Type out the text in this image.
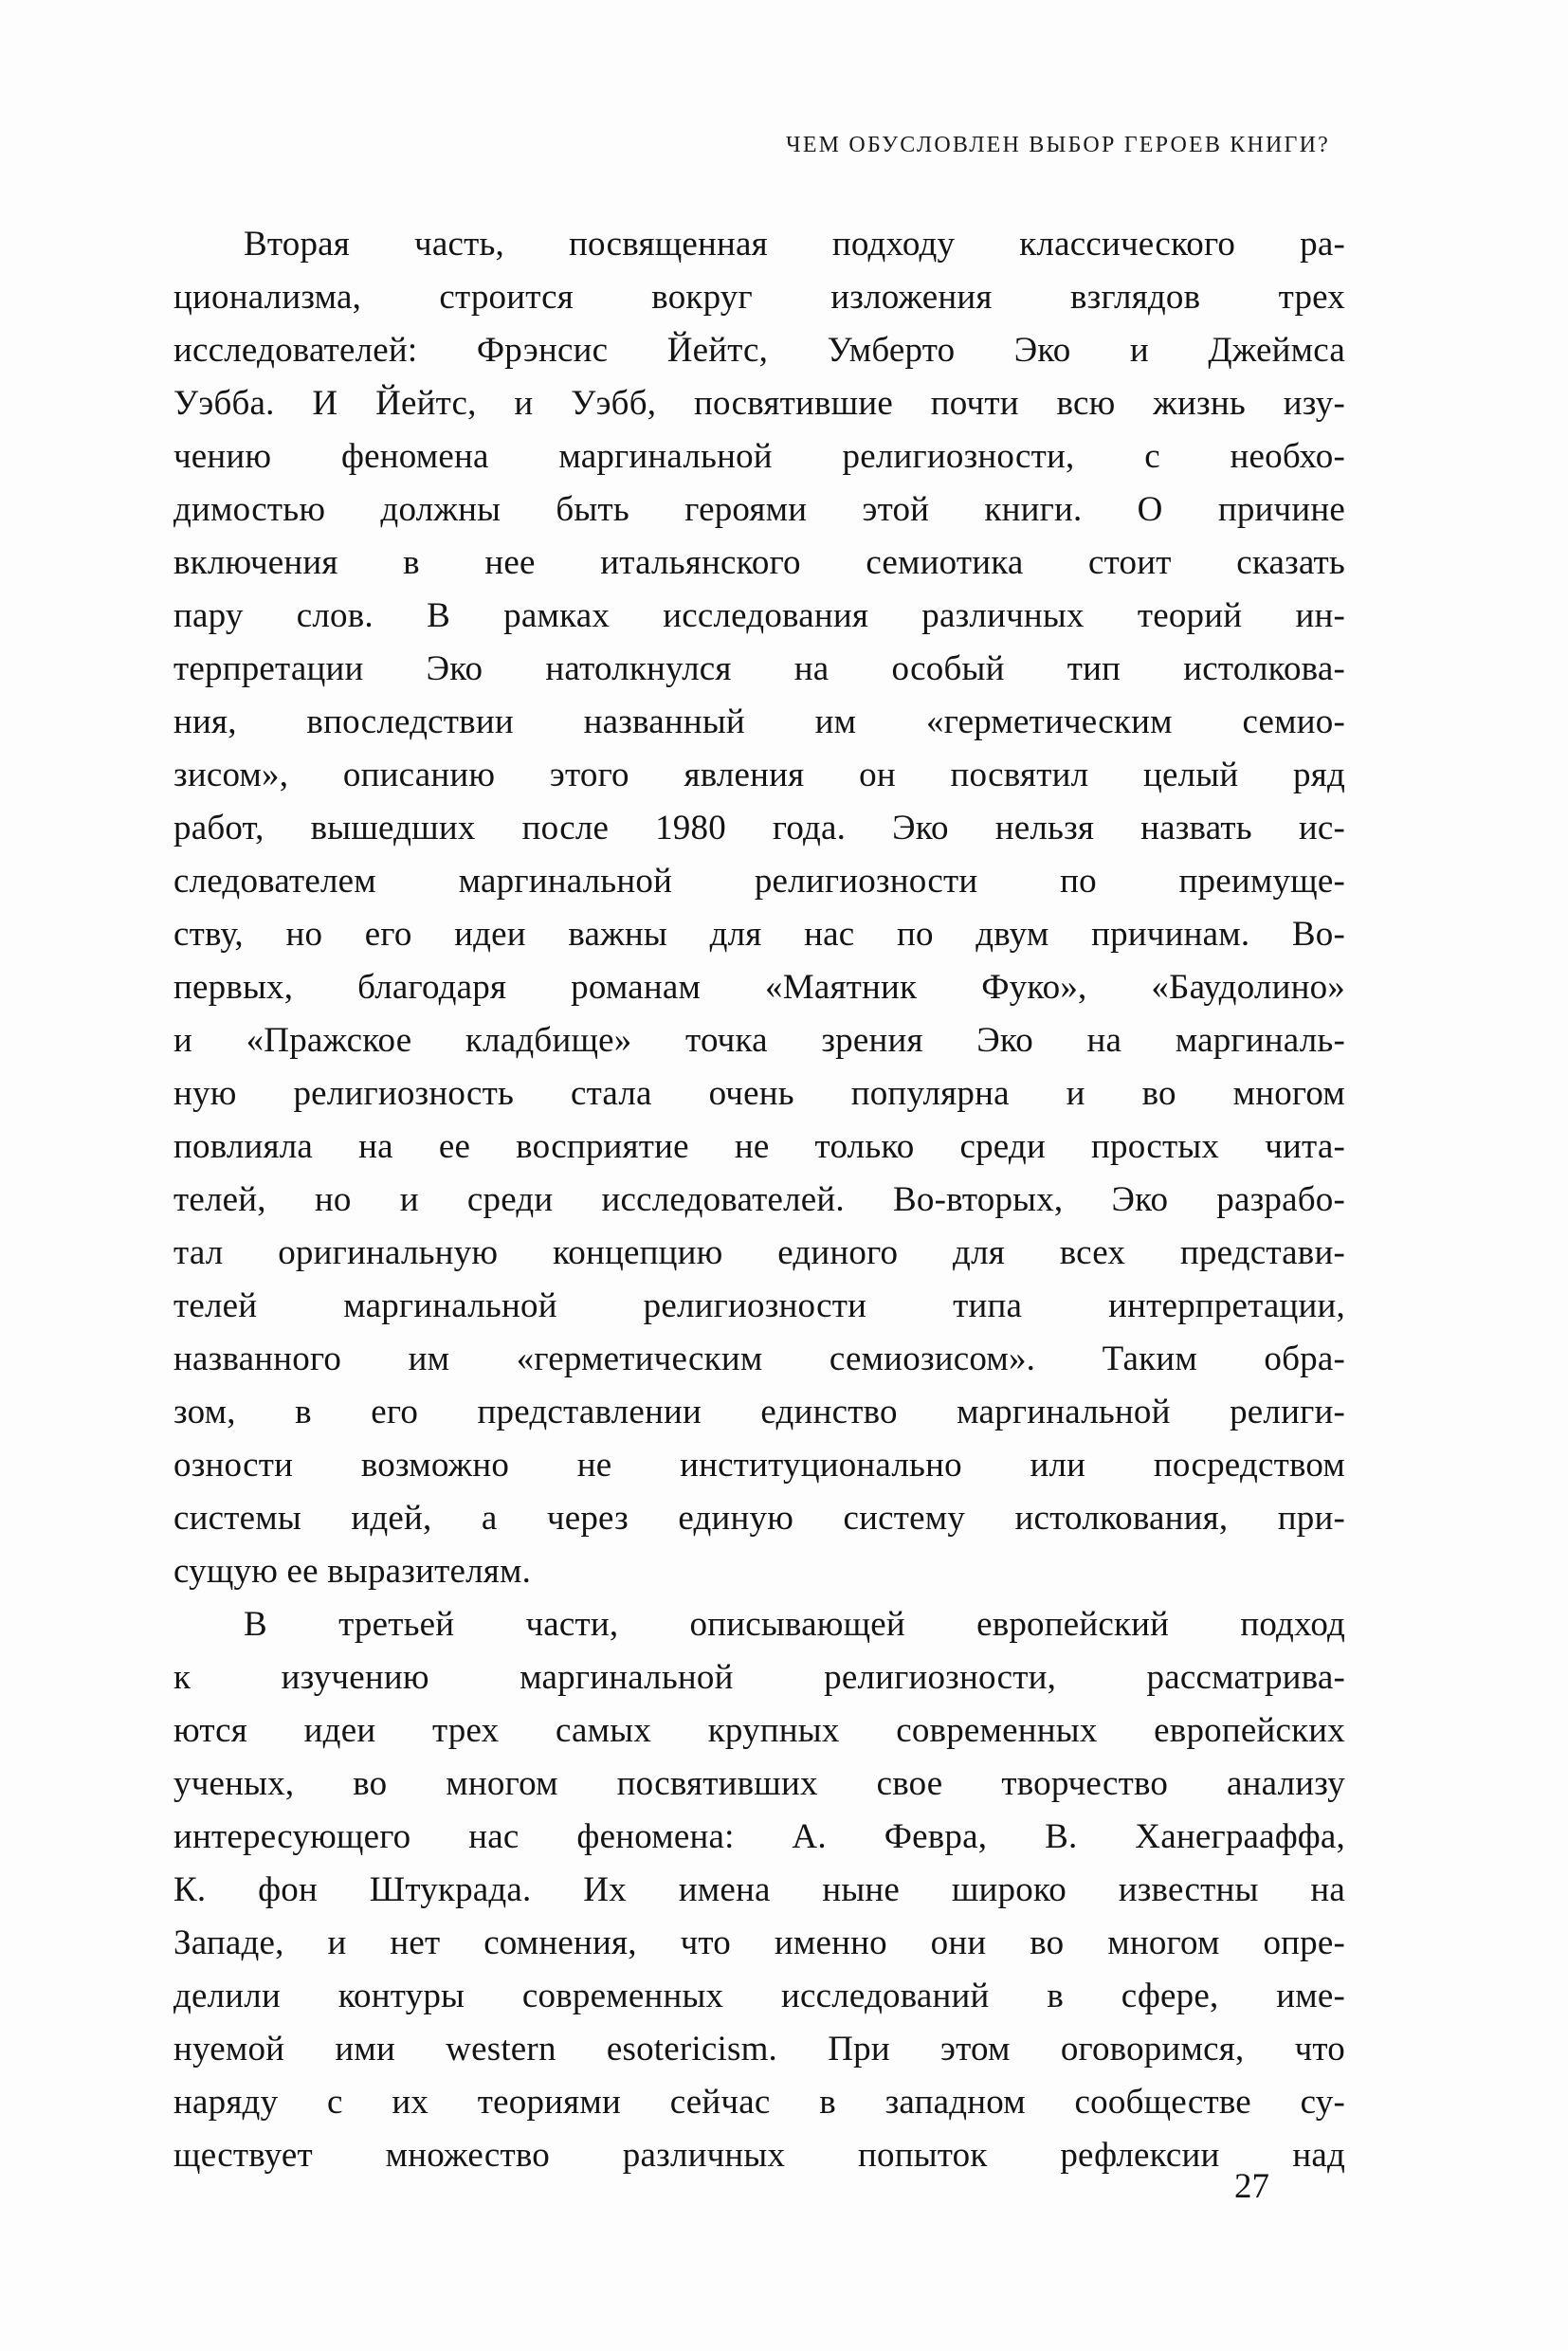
ЧЕМ ОБУСЛОВЛЕН ВЫБОР ГЕРОЕВ КНИГИ?
Вторая часть, посвященная подходу классического ра-
ционализма, строится вокруг изложения взглядов трех
исследователей: Фрэнсис Йейтс, Умберто Эко и Джеймса
Уэбба. И Йейтс, и Уэбб, посвятившие почти всю жизнь изу-
чению феномена маргинальной религиозности, с необхо-
димостью должны быть героями этой книги. О причине
включения в нее итальянского семиотика стоит сказать
пару слов. В рамках исследования различных теорий ин-
терпретации Эко натолкнулся на особый тип истолкова-
ния, впоследствии названный им «герметическим семио-
зисом», описанию этого явления он посвятил целый ряд
работ, вышедших после 1980 года. Эко нельзя назвать ис-
следователем маргинальной религиозности по преимуще-
ству, но его идеи важны для нас по двум причинам. Во-
первых, благодаря романам «Маятник Фуко», «Баудолино»
и «Пражское кладбище» точка зрения Эко на маргиналь-
ную религиозность стала очень популярна и во многом
повлияла на ее восприятие не только среди простых чита-
телей, но и среди исследователей. Во-вторых, Эко разрабо-
тал оригинальную концепцию единого для всех представи-
телей маргинальной религиозности типа интерпретации,
названного им «герметическим семиозисом». Таким обра-
зом, в его представлении единство маргинальной религи-
озности возможно не институционально или посредством
системы идей, а через единую систему истолкования, при-
сущую ее выразителям.
В третьей части, описывающей европейский подход
к изучению маргинальной религиозности, рассматрива-
ются идеи трех самых крупных современных европейских
ученых, во многом посвятивших свое творчество анализу
интересующего нас феномена: А. Февра, В. Ханеграаффа,
К. фон Штукрада. Их имена ныне широко известны на
Западе, и нет сомнения, что именно они во многом опре-
делили контуры современных исследований в сфере, име-
нуемой ими western esotericism. При этом оговоримся, что
наряду с их теориями сейчас в западном сообществе су-
ществует множество различных попыток рефлексии над
27
